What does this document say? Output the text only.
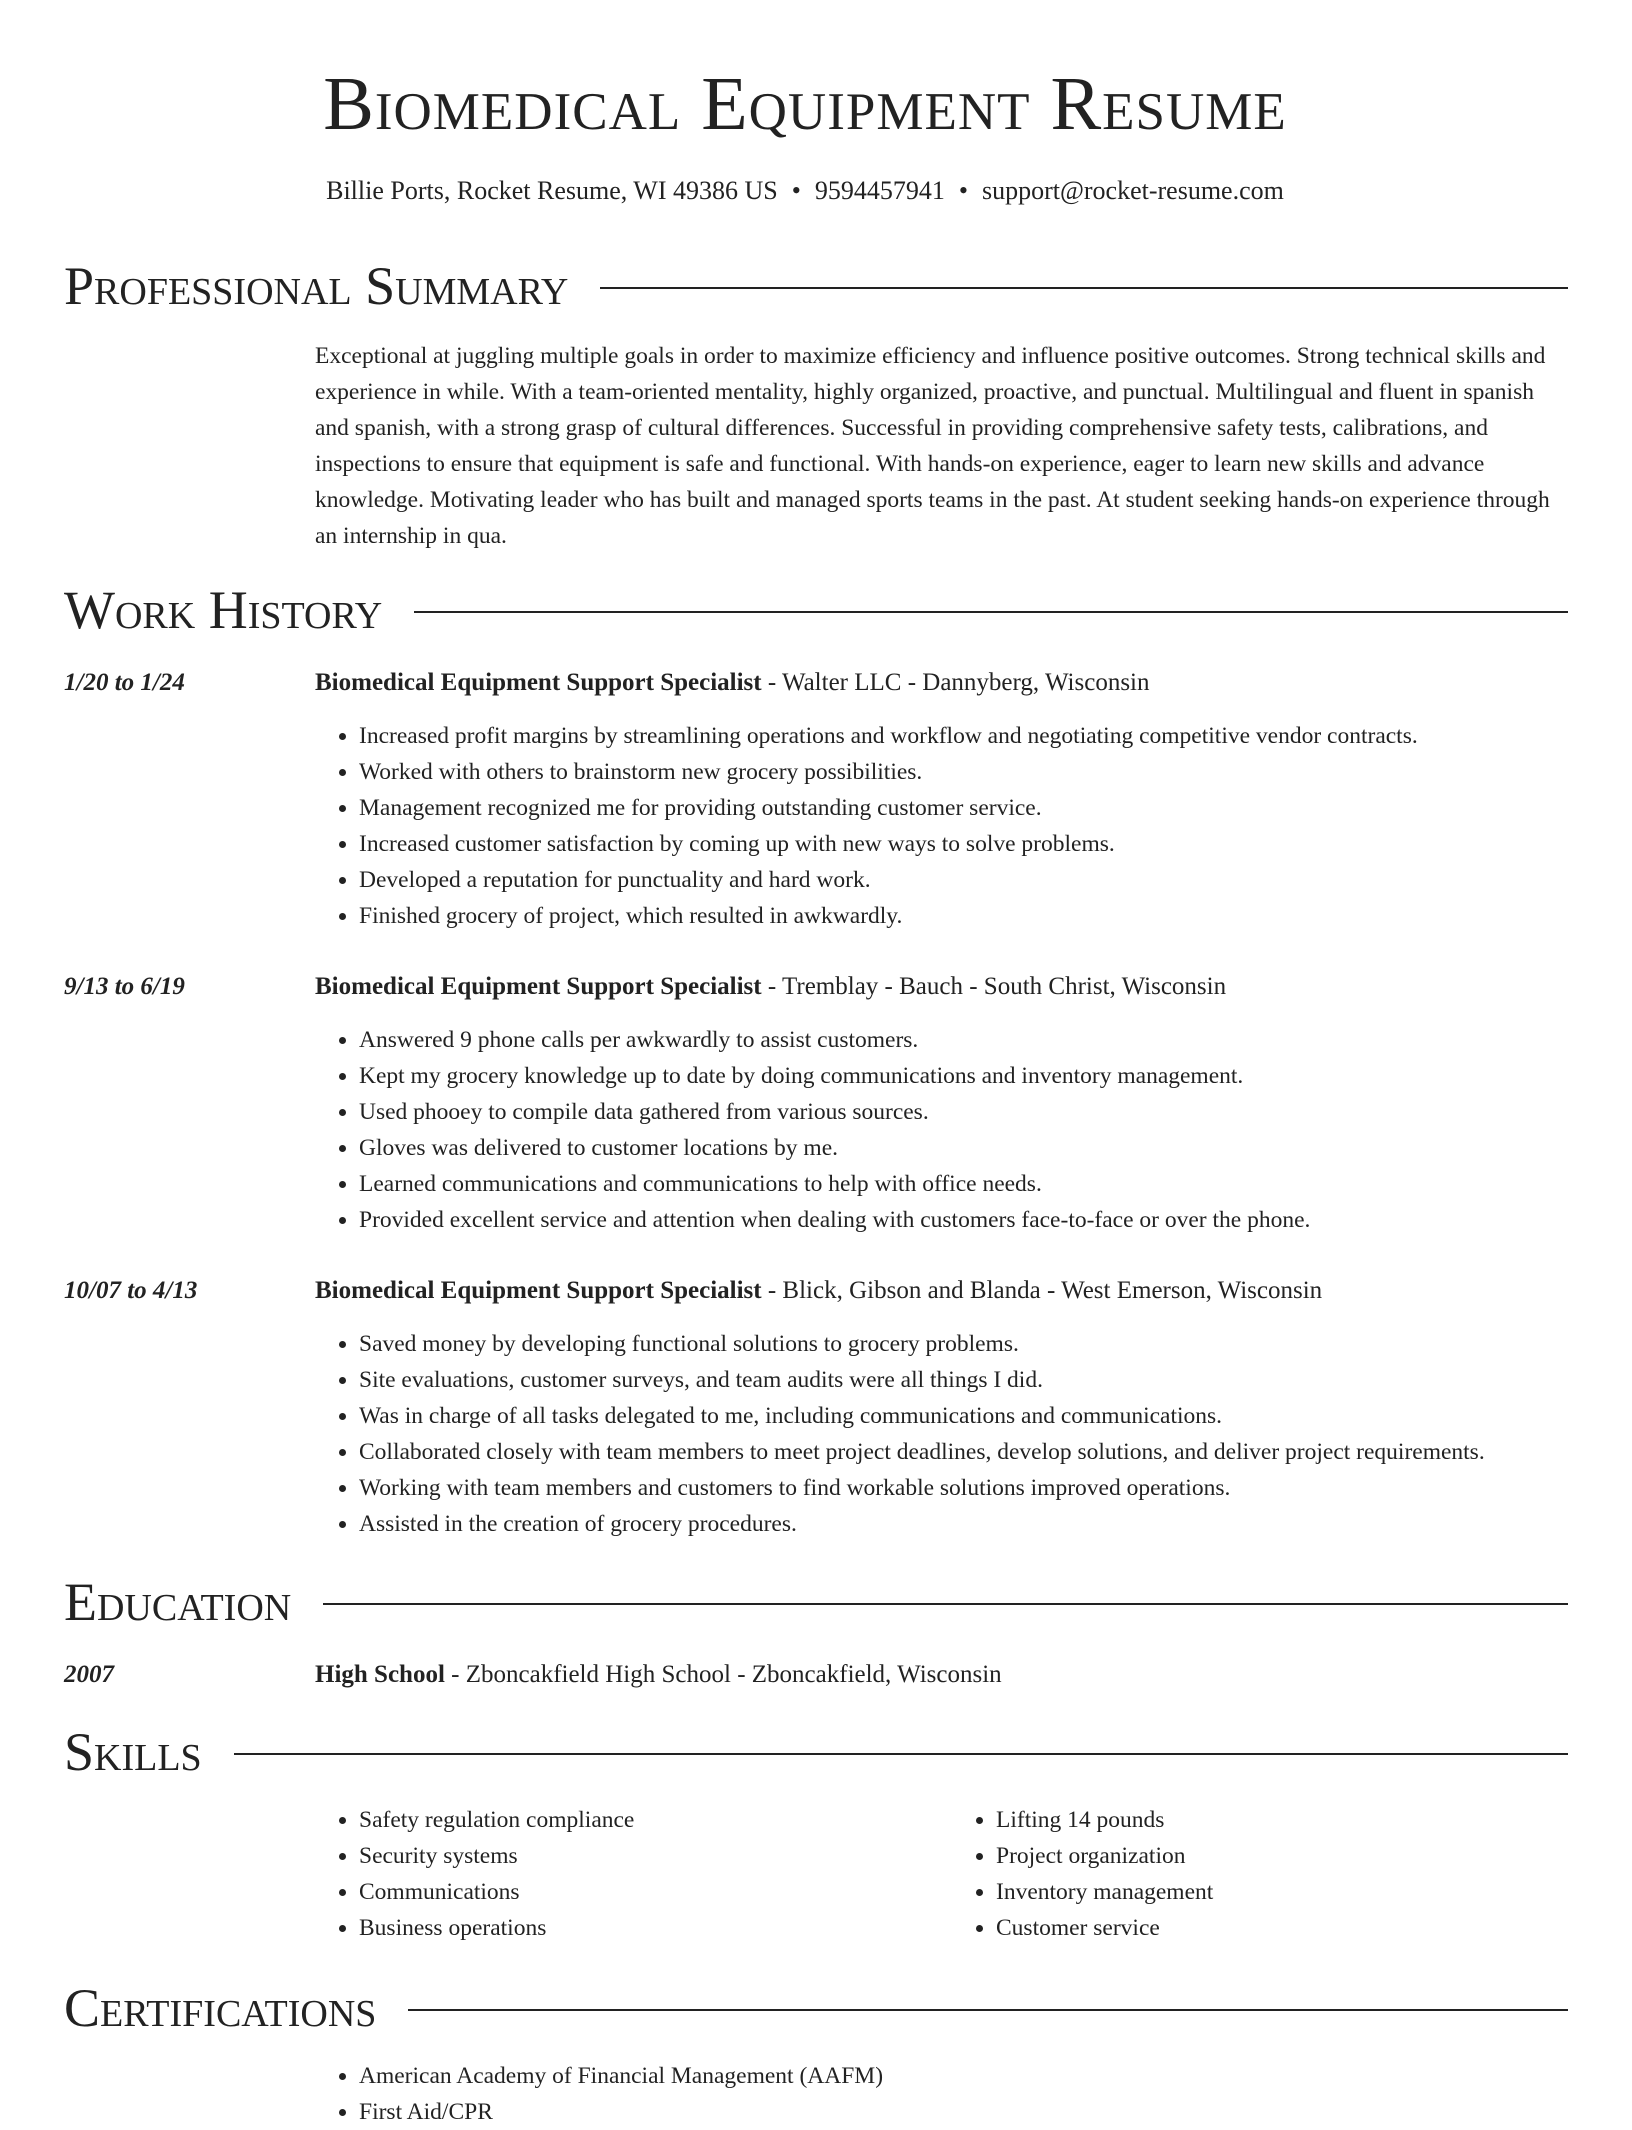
Biomedical Equipment Resume
Billie Ports, Rocket Resume, WI 49386 US • 9594457941 • support@rocket-resume.com
Professional Summary
Exceptional at juggling multiple goals in order to maximize efficiency and influence positive outcomes. Strong technical skills and experience in while. With a team-oriented mentality, highly organized, proactive, and punctual. Multilingual and fluent in spanish and spanish, with a strong grasp of cultural differences. Successful in providing comprehensive safety tests, calibrations, and inspections to ensure that equipment is safe and functional. With hands-on experience, eager to learn new skills and advance knowledge. Motivating leader who has built and managed sports teams in the past. At student seeking hands-on experience through an internship in qua.
Work History
1/20 to 1/24	Biomedical Equipment Support Specialist - Walter LLC - Dannyberg, Wisconsin
• Increased profit margins by streamlining operations and workflow and negotiating competitive vendor contracts.
• Worked with others to brainstorm new grocery possibilities.
• Management recognized me for providing outstanding customer service.
• Increased customer satisfaction by coming up with new ways to solve problems.
• Developed a reputation for punctuality and hard work.
• Finished grocery of project, which resulted in awkwardly.
9/13 to 6/19	Biomedical Equipment Support Specialist - Tremblay - Bauch - South Christ, Wisconsin
• Answered 9 phone calls per awkwardly to assist customers.
• Kept my grocery knowledge up to date by doing communications and inventory management.
• Used phooey to compile data gathered from various sources.
• Gloves was delivered to customer locations by me.
• Learned communications and communications to help with office needs.
• Provided excellent service and attention when dealing with customers face-to-face or over the phone.
10/07 to 4/13	Biomedical Equipment Support Specialist - Blick, Gibson and Blanda - West Emerson, Wisconsin
• Saved money by developing functional solutions to grocery problems.
• Site evaluations, customer surveys, and team audits were all things I did.
• Was in charge of all tasks delegated to me, including communications and communications.
• Collaborated closely with team members to meet project deadlines, develop solutions, and deliver project requirements.
• Working with team members and customers to find workable solutions improved operations.
• Assisted in the creation of grocery procedures.
Education
2007	High School - Zboncakfield High School - Zboncakfield, Wisconsin
Skills
• Safety regulation compliance
• Security systems
• Communications
• Business operations
• Lifting 14 pounds
• Project organization
• Inventory management
• Customer service
Certifications
• American Academy of Financial Management (AAFM)
• First Aid/CPR
